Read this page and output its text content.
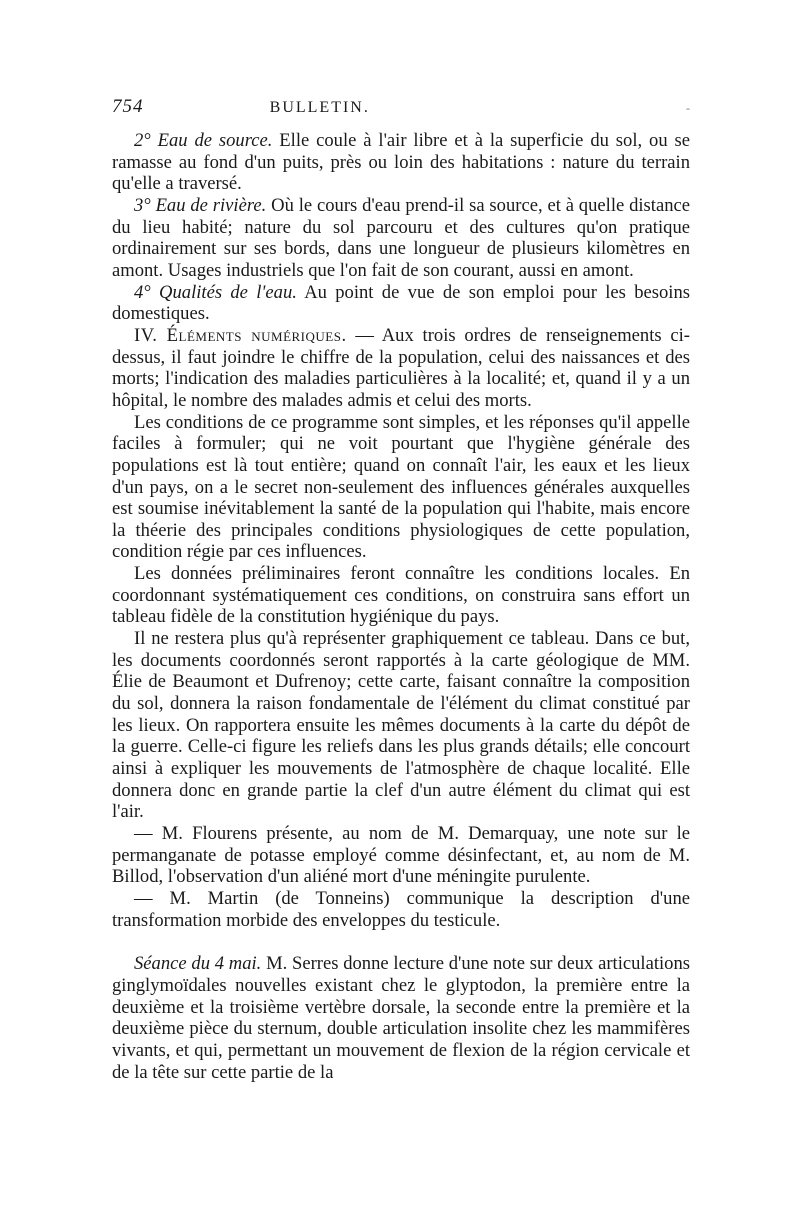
754	BULLETIN.	-

2° Eau de source. Elle coule à l'air libre et à la superficie du sol, ou se ramasse au fond d'un puits, près ou loin des habitations : nature du terrain qu'elle a traversé.

3° Eau de rivière. Où le cours d'eau prend-il sa source, et à quelle distance du lieu habité; nature du sol parcouru et des cultures qu'on pratique ordinairement sur ses bords, dans une longueur de plusieurs kilomètres en amont. Usages industriels que l'on fait de son courant, aussi en amont.

4° Qualités de l'eau. Au point de vue de son emploi pour les besoins domestiques.

IV. Éléments numériques. — Aux trois ordres de renseignements ci-dessus, il faut joindre le chiffre de la population, celui des naissances et des morts; l'indication des maladies particulières à la localité; et, quand il y a un hôpital, le nombre des malades admis et celui des morts.

Les conditions de ce programme sont simples, et les réponses qu'il appelle faciles à formuler; qui ne voit pourtant que l'hygiène générale des populations est là tout entière; quand on connaît l'air, les eaux et les lieux d'un pays, on a le secret non-seulement des influences générales auxquelles est soumise inévitablement la santé de la population qui l'habite, mais encore la théerie des principales conditions physiologiques de cette population, condition régie par ces influences.

Les données préliminaires feront connaître les conditions locales. En coordonnant systématiquement ces conditions, on construira sans effort un tableau fidèle de la constitution hygiénique du pays.

Il ne restera plus qu'à représenter graphiquement ce tableau. Dans ce but, les documents coordonnés seront rapportés à la carte géologique de MM. Élie de Beaumont et Dufrenoy; cette carte, faisant connaître la composition du sol, donnera la raison fondamentale de l'élément du climat constitué par les lieux. On rapportera ensuite les mêmes documents à la carte du dépôt de la guerre. Celle-ci figure les reliefs dans les plus grands détails; elle concourt ainsi à expliquer les mouvements de l'atmosphère de chaque localité. Elle donnera donc en grande partie la clef d'un autre élément du climat qui est l'air.

— M. Flourens présente, au nom de M. Demarquay, une note sur le permanganate de potasse employé comme désinfectant, et, au nom de M. Billod, l'observation d'un aliéné mort d'une méningite purulente.

— M. Martin (de Tonneins) communique la description d'une transformation morbide des enveloppes du testicule.

Séance du 4 mai. M. Serres donne lecture d'une note sur deux articulations ginglymoïdales nouvelles existant chez le glyptodon, la première entre la deuxième et la troisième vertèbre dorsale, la seconde entre la première et la deuxième pièce du sternum, double articulation insolite chez les mammifères vivants, et qui, permettant un mouvement de flexion de la région cervicale et de la tête sur cette partie de la
